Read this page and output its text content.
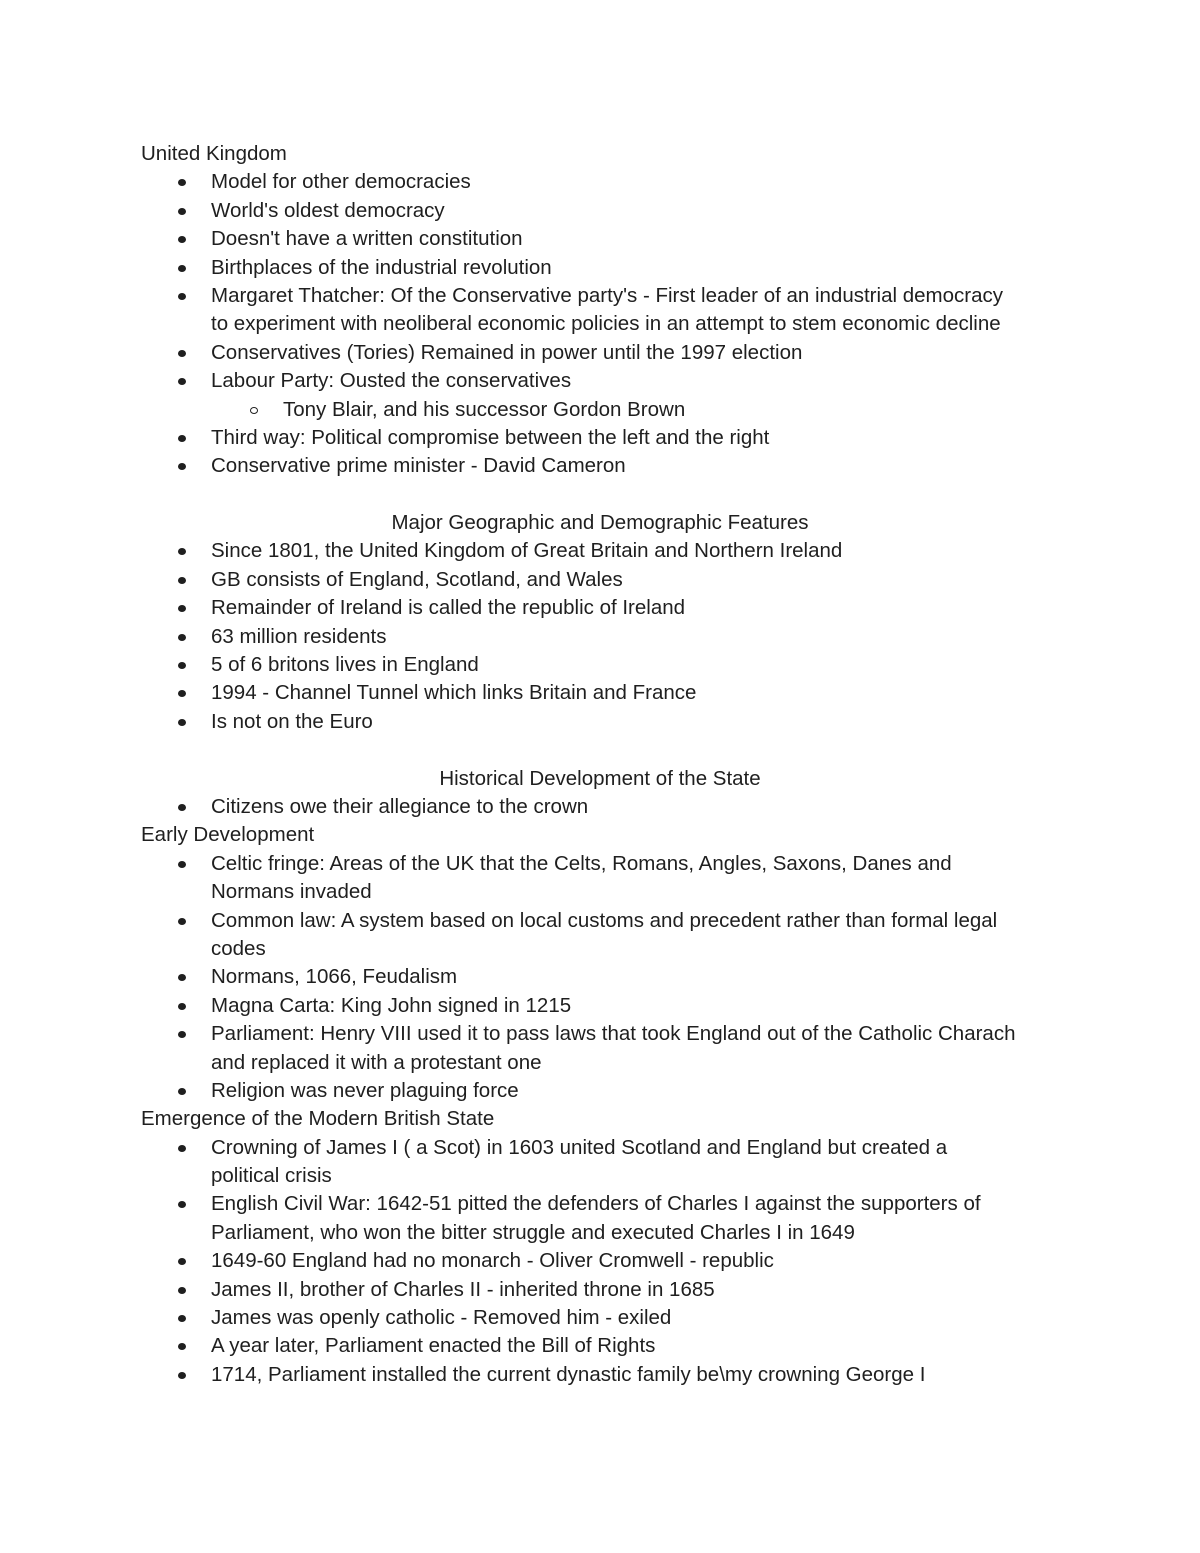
United Kingdom
Model for other democracies
World's oldest democracy
Doesn't have a written constitution
Birthplaces of the industrial revolution
Margaret Thatcher: Of the Conservative party's - First leader of an industrial democracy
to experiment with neoliberal economic policies in an attempt to stem economic decline
Conservatives (Tories) Remained in power until the 1997 election
Labour Party: Ousted the conservatives
Tony Blair, and his successor Gordon Brown
Third way: Political compromise between the left and the right
Conservative prime minister - David Cameron
Major Geographic and Demographic Features
Since 1801, the United Kingdom of Great Britain and Northern Ireland
GB consists of England, Scotland, and Wales
Remainder of Ireland is called the republic of Ireland
63 million residents
5 of 6 britons lives in England
1994 - Channel Tunnel which links Britain and France
Is not on the Euro
Historical Development of the State
Citizens owe their allegiance to the crown
Early Development
Celtic fringe: Areas of the UK that the Celts, Romans, Angles, Saxons, Danes and
Normans invaded
Common law: A system based on local customs and precedent rather than formal legal
codes
Normans, 1066, Feudalism
Magna Carta: King John signed in 1215
Parliament: Henry VIII used it to pass laws that took England out of the Catholic Charach
and replaced it with a protestant one
Religion was never plaguing force
Emergence of the Modern British State
Crowning of James I ( a Scot) in 1603 united Scotland and England but created a
political crisis
English Civil War: 1642-51 pitted the defenders of Charles I against the supporters of
Parliament, who won the bitter struggle and executed Charles I in 1649
1649-60 England had no monarch - Oliver Cromwell - republic
James II, brother of Charles II - inherited throne in 1685
James was openly catholic - Removed him - exiled
A year later, Parliament enacted the Bill of Rights
1714, Parliament installed the current dynastic family be\my crowning George I
